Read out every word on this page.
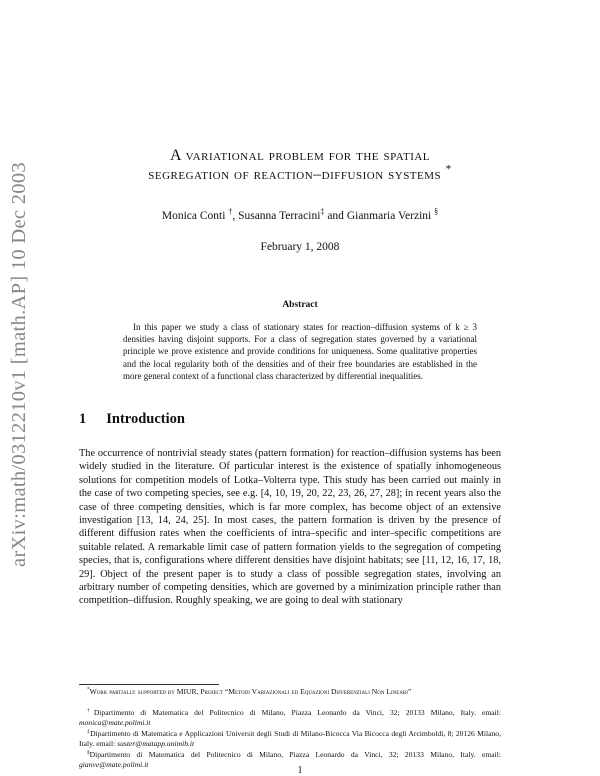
arXiv:math/0312210v1 [math.AP] 10 Dec 2003
A variational problem for the spatial
segregation of reaction–diffusion systems *
Monica Conti †, Susanna Terracini‡ and Gianmaria Verzini §
February 1, 2008
Abstract
In this paper we study a class of stationary states for reaction–diffusion systems of k ≥ 3 densities having disjoint supports. For a class of segregation states governed by a variational principle we prove existence and provide conditions for uniqueness. Some qualitative properties and the local regularity both of the densities and of their free boundaries are established in the more general context of a functional class characterized by differential inequalities.
1 Introduction
The occurrence of nontrivial steady states (pattern formation) for reaction–diffusion systems has been widely studied in the literature. Of particular interest is the existence of spatially inhomogeneous solutions for competition models of Lotka–Volterra type. This study has been carried out mainly in the case of two competing species, see e.g. [4, 10, 19, 20, 22, 23, 26, 27, 28]; in recent years also the case of three competing densities, which is far more complex, has become object of an extensive investigation [13, 14, 24, 25]. In most cases, the pattern formation is driven by the presence of different diffusion rates when the coefficients of intra–specific and inter–specific competitions are suitable related. A remarkable limit case of pattern formation yields to the segregation of competing species, that is, configurations where different densities have disjoint habitats; see [11, 12, 16, 17, 18, 29]. Object of the present paper is to study a class of possible segregation states, involving an arbitrary number of competing densities, which are governed by a minimization principle rather than competition–diffusion. Roughly speaking, we are going to deal with stationary
*Work partially supported by MIUR, Project “Metodi Variazionali ed Equazioni Differenziali Non Lineari”
†Dipartimento di Matematica del Politecnico di Milano, Piazza Leonardo da Vinci, 32; 20133 Milano, Italy. email: monica@mate.polimi.it
‡Dipartimento di Matematica e Applicazioni Universit degli Studi di Milano-Bicocca Via Bicocca degli Arcimboldi, 8; 20126 Milano, Italy. email: suster@matapp.unimib.it
§Dipartimento di Matematica del Politecnico di Milano, Piazza Leonardo da Vinci, 32; 20133 Milano, Italy. email: gianve@mate.polimi.it
1
